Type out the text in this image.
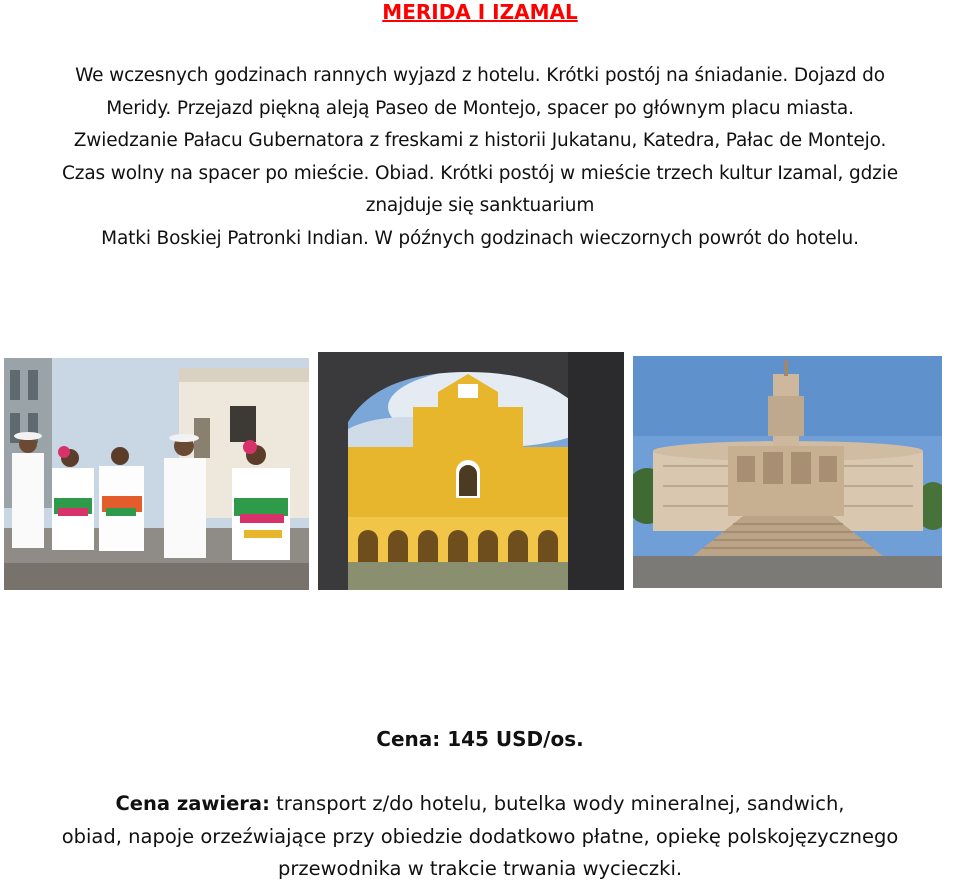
MERIDA I IZAMAL

We wczesnych godzinach rannych wyjazd z hotelu. Krótki postój na śniadanie. Dojazd do

Meridy. Przejazd piękną aleją Paseo de Montejo, spacer po głównym placu miasta.

Zwiedzanie Pałacu Gubernatora z freskami z historii Jukatanu, Katedra, Pałac de Montejo.

Czas wolny na spacer po mieście. Obiad. Krótki postój w mieście trzech kultur Izamal, gdzie

znajduje się sanktuarium

Matki Boskiej Patronki Indian. W późnych godzinach wieczornych powrót do hotelu.

Cena: 145 USD/os.

Cena zawiera: transport z/do hotelu, butelka wody mineralnej, sandwich,

obiad, napoje orzeźwiające przy obiedzie dodatkowo płatne, opiekę polskojęzycznego

przewodnika w trakcie trwania wycieczki.
